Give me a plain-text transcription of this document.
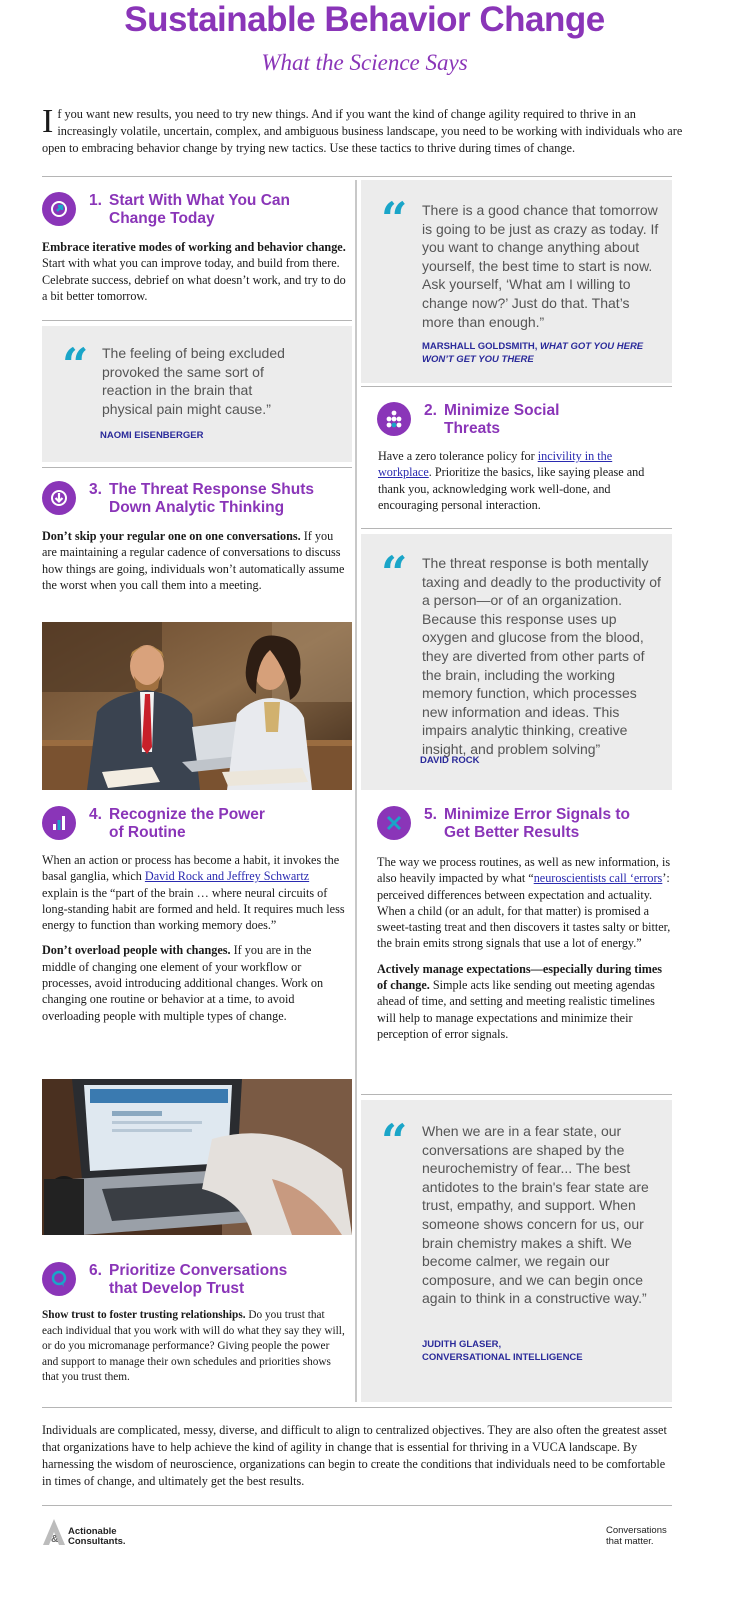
Sustainable Behavior Change
What the Science Says
If you want new results, you need to try new things. And if you want the kind of change agility required to thrive in an increasingly volatile, uncertain, complex, and ambiguous business landscape, you need to be working with individuals who are open to embracing behavior change by trying new tactics. Use these tactics to thrive during times of change.
1. Start With What You Can
Change Today

Embrace iterative modes of working and behavior change. Start with what you can improve today, and build from there. Celebrate success, debrief on what doesn’t work, and try to do a bit better tomorrow.

“ The feeling of being excluded provoked the same sort of reaction in the brain that physical pain might cause.”
NAOMI EISENBERGER
3. The Threat Response Shuts
Down Analytic Thinking

Don’t skip your regular one on one conversations. If you are maintaining a regular cadence of conversations to discuss how things are going, individuals won’t automatically assume the worst when you call them into a meeting.

4. Recognize the Power
of Routine

When an action or process has become a habit, it invokes the basal ganglia, which David Rock and Jeffrey Schwartz explain is the “part of the brain … where neural circuits of long-standing habit are formed and held. It requires much less energy to function than working memory does.”

Don’t overload people with changes. If you are in the middle of changing one element of your workflow or processes, avoid introducing additional changes. Work on changing one routine or behavior at a time, to avoid overloading people with multiple types of change.

6. Prioritize Conversations
that Develop Trust

Show trust to foster trusting relationships. Do you trust that each individual that you work with will do what they say they will, or do you micromanage performance? Giving people the power and support to manage their own schedules and priorities shows that you trust them.

“ There is a good chance that tomorrow is going to be just as crazy as today. If you want to change anything about yourself, the best time to start is now. Ask yourself, ‘What am I willing to change now?’ Just do that. That’s more than enough.”
MARSHALL GOLDSMITH, WHAT GOT YOU HERE WON’T GET YOU THERE
2. Minimize Social
Threats

Have a zero tolerance policy for incivility in the workplace. Prioritize the basics, like saying please and thank you, acknowledging work well-done, and encouraging personal interaction.

“ The threat response is both mentally taxing and deadly to the productivity of a person—or of an organization. Because this response uses up oxygen and glucose from the blood, they are diverted from other parts of the brain, including the working memory function, which processes new information and ideas. This impairs analytic thinking, creative insight, and problem solving”
DAVID ROCK
5. Minimize Error Signals to
Get Better Results

The way we process routines, as well as new information, is also heavily impacted by what “neuroscientists call ‘errors’: perceived differences between expectation and actuality. When a child (or an adult, for that matter) is promised a sweet-tasting treat and then discovers it tastes salty or bitter, the brain emits strong signals that use a lot of energy.”

Actively manage expectations—especially during times of change. Simple acts like sending out meeting agendas ahead of time, and setting and meeting realistic timelines will help to manage expectations and minimize their perception of error signals.

“ When we are in a fear state, our conversations are shaped by the neurochemistry of fear... The best antidotes to the brain's fear state are trust, empathy, and support. When someone shows concern for us, our brain chemistry makes a shift. We become calmer, we regain our composure, and we can begin once again to think in a constructive way.”
JUDITH GLASER,
CONVERSATIONAL INTELLIGENCE
Individuals are complicated, messy, diverse, and difficult to align to centralized objectives. They are also often the greatest asset that organizations have to help achieve the kind of agility in change that is essential for thriving in a VUCA landscape. By harnessing the wisdom of neuroscience, organizations can begin to create the conditions that individuals need to be comfortable in times of change, and ultimately get the best results.
&
Actionable
Consultants.
Conversations
that matter.
